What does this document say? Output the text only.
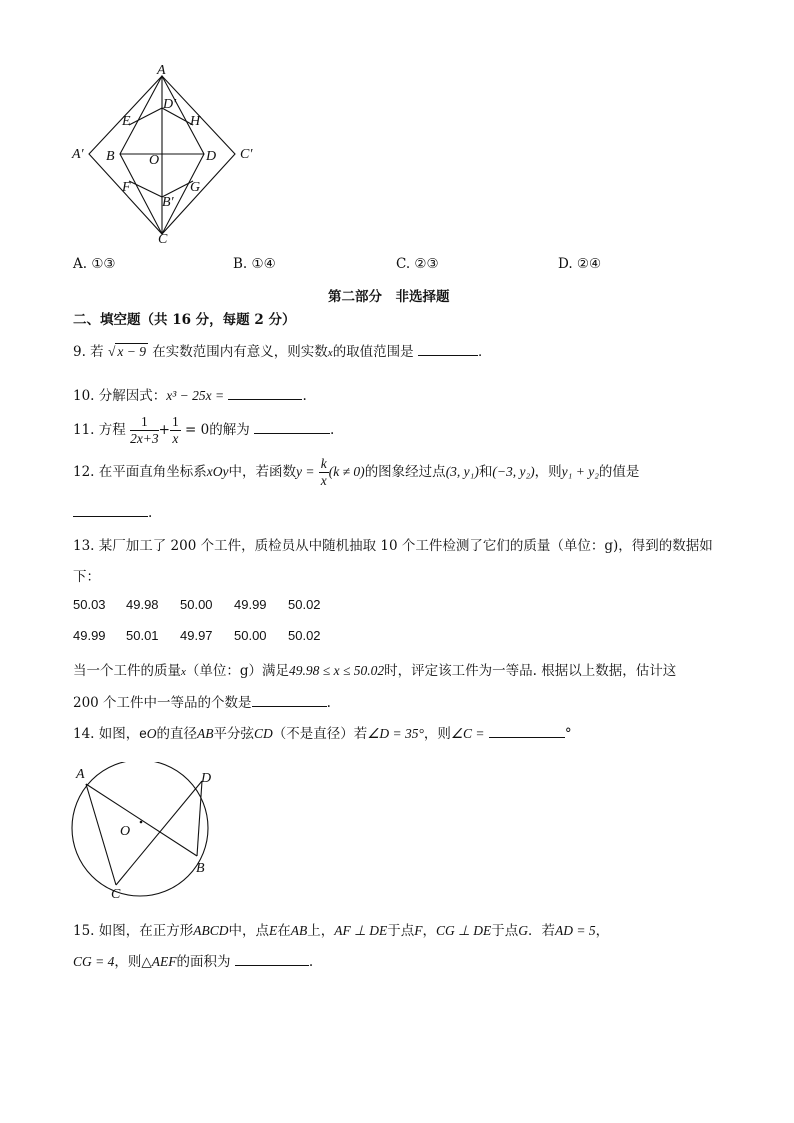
A
D′
E	H
A′ B O	D C′
F	G
B′
C
A. ①③	B. ①④	C. ②③	D. ②④
第二部分　非选择题
二、填空题（共 16 分，每题 2 分）
9. 若 √ x − 9 在实数范围内有意义，则实数x的取值范围是	．
10. 分解因式：x³ − 25x =	.
11. 方程 $\frac{1}{2x+3} + \frac{1}{x} = 0$的解为	.
12. 在平面直角坐标系xOy中，若函数$y = \frac{k}{x} (k \ne 0)$的图象经过点(3, y₁)和(−3, y₂)，则y₁ + y₂的值是
.
13. 某厂加工了 200 个工件，质检员从中随机抽取 10 个工件检测了它们的质量（单位：g)，得到的数据如
下：
50.03 49.98 50.00 49.99 50.02
49.99 50.01 49.97 50.00 50.02
当一个工件的质量x（单位：g）满足49.98 ≤ x ≤ 50.02时，评定该工件为一等品. 根据以上数据，估计这
200 个工件中一等品的个数是	.
14. 如图，eO的直径AB平分弦CD（不是直径）若∠D = 35°，则∠C =	°
A	D
O
B
C
15. 如图，在正方形ABCD中，点E在AB上，AF ⊥ DE于点F，CG ⊥ DE于点G．若AD = 5，
CG = 4，则△AEF的面积为	.
